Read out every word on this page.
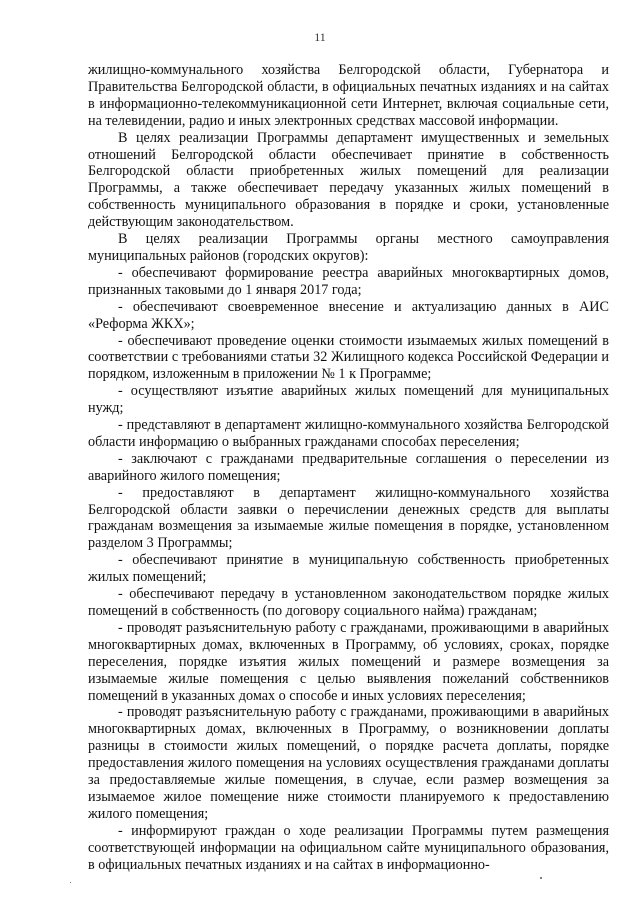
11

жилищно-коммунального хозяйства Белгородской области, Губернатора и Правительства Белгородской области, в официальных печатных изданиях и на сайтах в информационно-телекоммуникационной сети Интернет, включая социальные сети, на телевидении, радио и иных электронных средствах массовой информации.

В целях реализации Программы департамент имущественных и земельных отношений Белгородской области обеспечивает принятие в собственность Белгородской области приобретенных жилых помещений для реализации Программы, а также обеспечивает передачу указанных жилых помещений в собственность муниципального образования в порядке и сроки, установленные действующим законодательством.

В целях реализации Программы органы местного самоуправления муниципальных районов (городских округов):

- обеспечивают формирование реестра аварийных многоквартирных домов, признанных таковыми до 1 января 2017 года;

- обеспечивают своевременное внесение и актуализацию данных в АИС «Реформа ЖКХ»;

- обеспечивают проведение оценки стоимости изымаемых жилых помещений в соответствии с требованиями статьи 32 Жилищного кодекса Российской Федерации и порядком, изложенным в приложении № 1 к Программе;

- осуществляют изъятие аварийных жилых помещений для муниципальных нужд;

- представляют в департамент жилищно-коммунального хозяйства Белгородской области информацию о выбранных гражданами способах переселения;

- заключают с гражданами предварительные соглашения о переселении из аварийного жилого помещения;

- предоставляют в департамент жилищно-коммунального хозяйства Белгородской области заявки о перечислении денежных средств для выплаты гражданам возмещения за изымаемые жилые помещения в порядке, установленном разделом 3 Программы;

- обеспечивают принятие в муниципальную собственность приобретенных жилых помещений;

- обеспечивают передачу в установленном законодательством порядке жилых помещений в собственность (по договору социального найма) гражданам;

- проводят разъяснительную работу с гражданами, проживающими в аварийных многоквартирных домах, включенных в Программу, об условиях, сроках, порядке переселения, порядке изъятия жилых помещений и размере возмещения за изымаемые жилые помещения с целью выявления пожеланий собственников помещений в указанных домах о способе и иных условиях переселения;

- проводят разъяснительную работу с гражданами, проживающими в аварийных многоквартирных домах, включенных в Программу, о возникновении доплаты разницы в стоимости жилых помещений, о порядке расчета доплаты, порядке предоставления жилого помещения на условиях осуществления гражданами доплаты за предоставляемые жилые помещения, в случае, если размер возмещения за изымаемое жилое помещение ниже стоимости планируемого к предоставлению жилого помещения;

- информируют граждан о ходе реализации Программы путем размещения соответствующей информации на официальном сайте муниципального образования, в официальных печатных изданиях и на сайтах в информационно-
